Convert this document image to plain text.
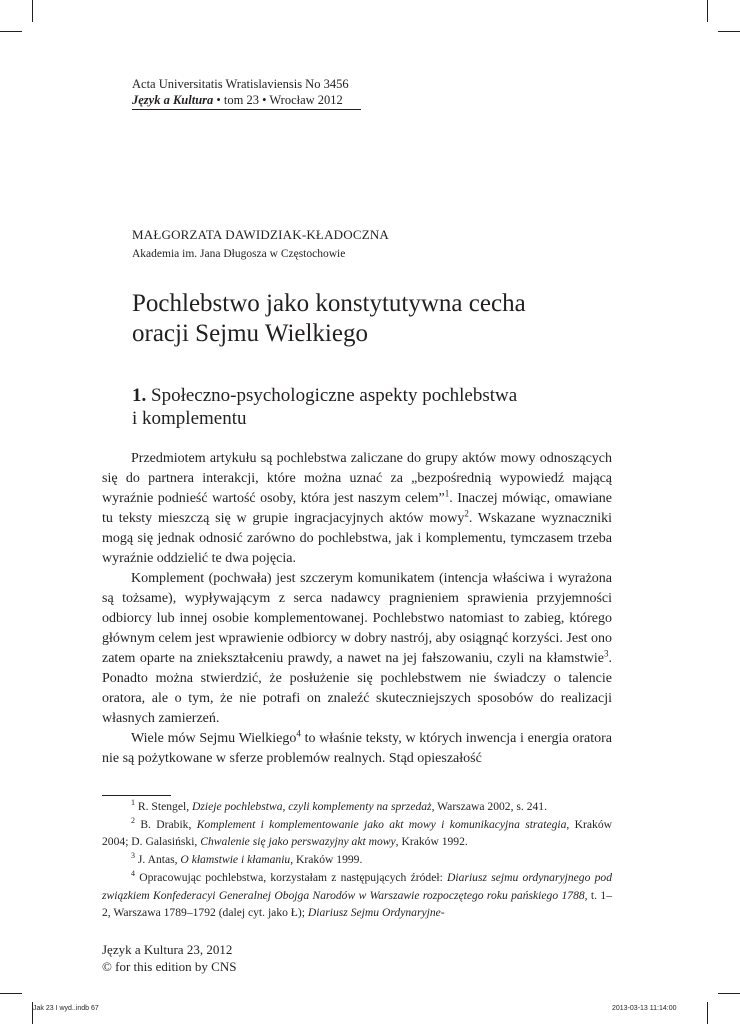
Acta Universitatis Wratislaviensis No 3456
Język a Kultura • tom 23 • Wrocław 2012
MAŁGORZATA DAWIDZIAK-KŁADOCZNA
Akademia im. Jana Długosza w Częstochowie
Pochlebstwo jako konstytutywna cecha
oracji Sejmu Wielkiego
1. Społeczno-psychologiczne aspekty pochlebstwa
i komplementu

Przedmiotem artykułu są pochlebstwa zaliczane do grupy aktów mowy odnoszących się do partnera interakcji, które można uznać za „bezpośrednią wypowiedź mającą wyraźnie podnieść wartość osoby, która jest naszym celem”$^1$. Inaczej mówiąc, omawiane tu teksty mieszczą się w grupie ingracjacyjnych aktów mowy$^2$. Wskazane wyznaczniki mogą się jednak odnosić zarówno do pochlebstwa, jak i komplementu, tymczasem trzeba wyraźnie oddzielić te dwa pojęcia.

Komplement (pochwała) jest szczerym komunikatem (intencja właściwa i wyrażona są tożsame), wypływającym z serca nadawcy pragnieniem sprawienia przyjemności odbiorcy lub innej osobie komplementowanej. Pochlebstwo natomiast to zabieg, którego głównym celem jest wprawienie odbiorcy w dobry nastrój, aby osiągnąć korzyści. Jest ono zatem oparte na zniekształceniu prawdy, a nawet na jej fałszowaniu, czyli na kłamstwie$^3$. Ponadto można stwierdzić, że posłużenie się pochlebstwem nie świadczy o talencie oratora, ale o tym, że nie potrafi on znaleźć skuteczniejszych sposobów do realizacji własnych zamierzeń.

Wiele mów Sejmu Wielkiego$^4$ to właśnie teksty, w których inwencja i energia oratora nie są pożytkowane w sferze problemów realnych. Stąd opieszałość

$^1$ R. Stengel, Dzieje pochlebstwa, czyli komplementy na sprzedaż, Warszawa 2002, s. 241.

$^2$ B. Drabik, Komplement i komplementowanie jako akt mowy i komunikacyjna strategia, Kraków 2004; D. Galasiński, Chwalenie się jako perswazyjny akt mowy, Kraków 1992.

$^3$ J. Antas, O kłamstwie i kłamaniu, Kraków 1999.

$^4$ Opracowując pochlebstwa, korzystałam z następujących źródeł: Diariusz sejmu ordynaryjnego pod związkiem Konfederacyi Generalnej Obojga Narodów w Warszawie rozpoczętego roku pańskiego 1788, t. 1–2, Warszawa 1789–1792 (dalej cyt. jako Ł); Diariusz Sejmu Ordynaryjne-

Język a Kultura 23, 2012
© for this edition by CNS
Jak 23 I wyd..indb 67	2013-03-13 11:14:00
